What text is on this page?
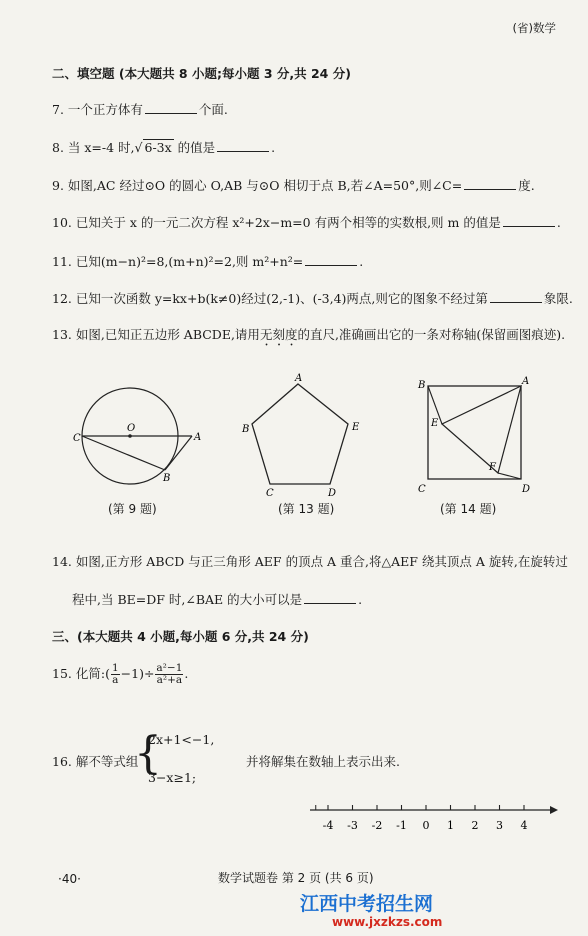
(省)数学
二、填空题 (本大题共 8 小题;每小题 3 分,共 24 分)
7. 一个正方体有	个面.
8. 当 x=-4 时,√ 6-3x 的值是	.
9. 如图,AC 经过⊙O 的圆心 O,AB 与⊙O 相切于点 B,若∠A=50°,则∠C=	度.
10. 已知关于 x 的一元二次方程 x²+2x−m=0 有两个相等的实数根,则 m 的值是	.
11. 已知(m−n)²=8,(m+n)²=2,则 m²+n²=	.
12. 已知一次函数 y=kx+b(k≠0)经过(2,-1)、(-3,4)两点,则它的图象不经过第	象限.
13. 如图,已知正五边形 ABCDE,请用无刻度的直尺,准确画出它的一条对称轴(保留画图痕迹).
C
O
A
B
(第 9 题)
A
B	E
C	D
(第 13 题)
B	A
E
F
C	D
(第 14 题)
14. 如图,正方形 ABCD 与正三角形 AEF 的顶点 A 重合,将△AEF 绕其顶点 A 旋转,在旋转过
程中,当 BE=DF 时,∠BAE 的大小可以是	.
三、(本大题共 4 小题,每小题 6 分,共 24 分)
15. 化简:( $\frac{1}{a} -1)\div \frac{\text{a²−1}}{\text{a²+a}}$ .
16. 解不等式组
{
2x+1<−1,
3−x≥1;
并将解集在数轴上表示出来.
-4 -3 -2 -1 0 1 2 3 4
·40·	数学试题卷 第 2 页 (共 6 页)
江西中考招生网
www.jxzkzs.com
